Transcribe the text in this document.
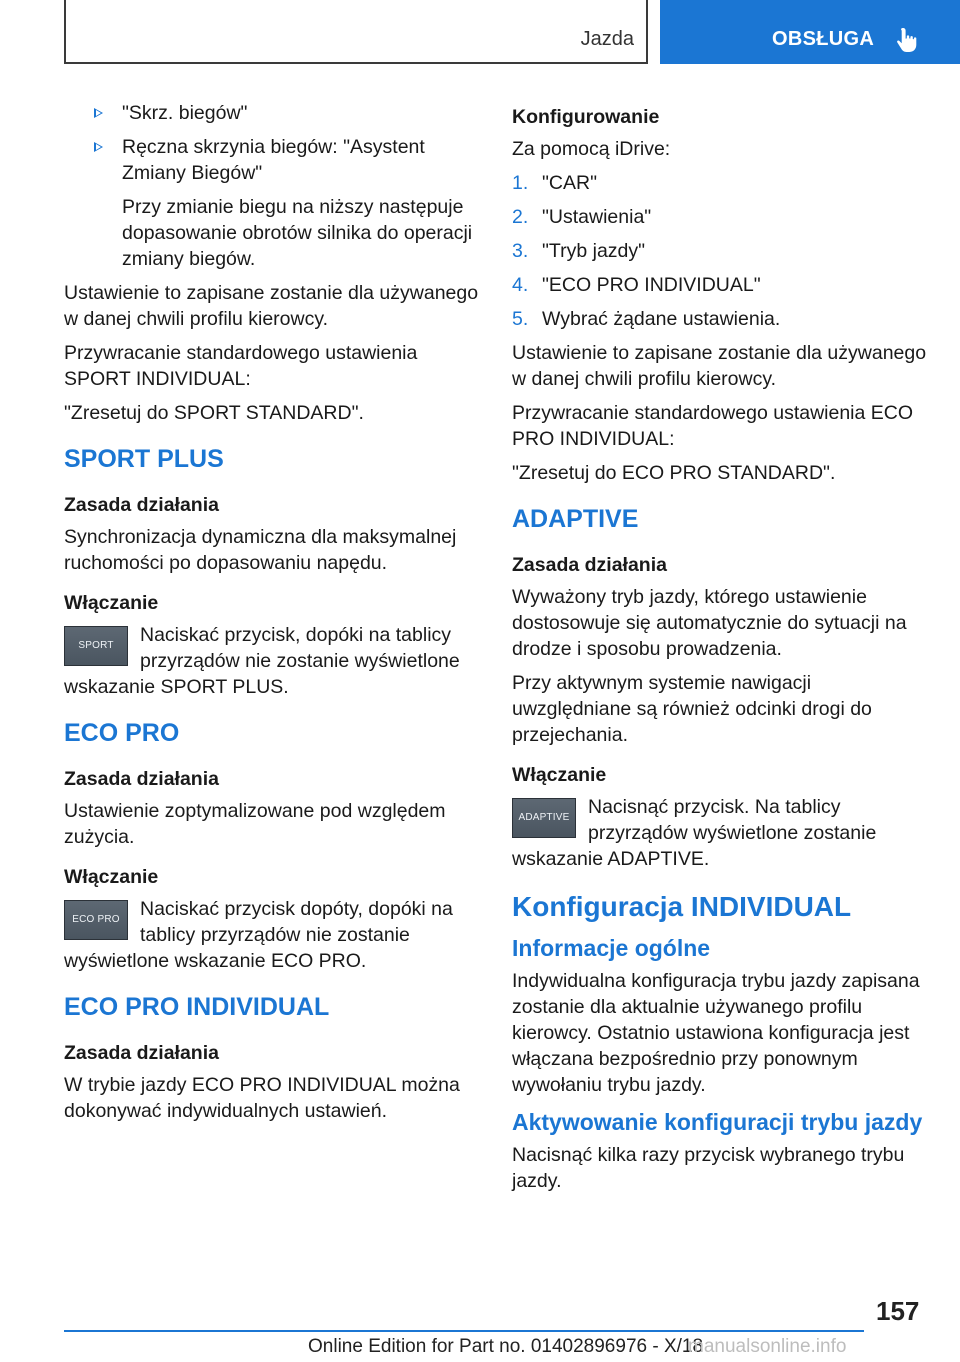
Jazda	OBSŁUGA
"Skrz. biegów"
Ręczna skrzynia biegów: "Asystent Zmiany Biegów"

Przy zmianie biegu na niższy następuje dopasowanie obrotów silnika do operacji zmiany biegów.

Ustawienie to zapisane zostanie dla używanego w danej chwili profilu kierowcy.

Przywracanie standardowego ustawienia SPORT INDIVIDUAL:

"Zresetuj do SPORT STANDARD".

SPORT PLUS
Zasada działania

Synchronizacja dynamiczna dla maksymalnej ruchomości po dopasowaniu napędu.

Włączanie
SPORT	Naciskać przycisk, dopóki na tablicy przyrządów nie zostanie wyświetlone wskazanie SPORT PLUS.
ECO PRO
Zasada działania

Ustawienie zoptymalizowane pod względem zużycia.

Włączanie
ECO PRO	Naciskać przycisk dopóty, dopóki na tablicy przyrządów nie zostanie wyświetlone wskazanie ECO PRO.
ECO PRO INDIVIDUAL
Zasada działania

W trybie jazdy ECO PRO INDIVIDUAL można dokonywać indywidualnych ustawień.

Konfigurowanie

Za pomocą iDrive:

1. "CAR"
2. "Ustawienia"
3. "Tryb jazdy"
4. "ECO PRO INDIVIDUAL"
5. Wybrać żądane ustawienia.

Ustawienie to zapisane zostanie dla używanego w danej chwili profilu kierowcy.

Przywracanie standardowego ustawienia ECO PRO INDIVIDUAL:

"Zresetuj do ECO PRO STANDARD".

ADAPTIVE
Zasada działania

Wyważony tryb jazdy, którego ustawienie dostosowuje się automatycznie do sytuacji na drodze i sposobu prowadzenia.

Przy aktywnym systemie nawigacji uwzględniane są również odcinki drogi do przejechania.

Włączanie
ADAPTIVE Nacisnąć przycisk. Na tablicy przyrządów wyświetlone zostanie wskazanie ADAPTIVE.
Konfiguracja INDIVIDUAL
Informacje ogólne

Indywidualna konfiguracja trybu jazdy zapisana zostanie dla aktualnie używanego profilu kierowcy. Ostatnio ustawiona konfiguracja jest włączana bezpośrednio przy ponownym wywołaniu trybu jazdy.

Aktywowanie konfiguracji trybu jazdy

Nacisnąć kilka razy przycisk wybranego trybu jazdy.

157
Online Edition for Part no. 01402896976 - X/18
manualsonline.info
